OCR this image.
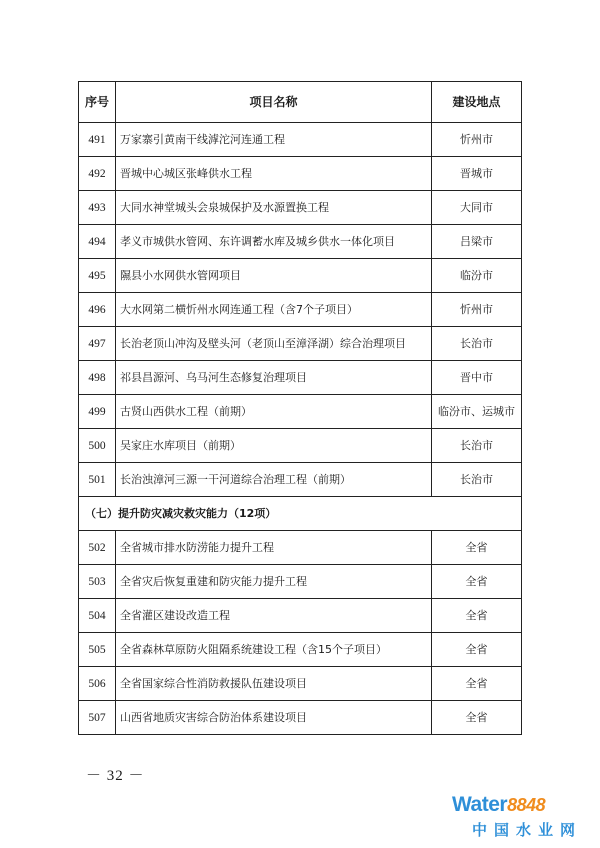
序号	项目名称	建设地点
491	万家寨引黄南干线滹沱河连通工程	忻州市
492	晋城中心城区张峰供水工程	晋城市
493	大同水神堂城头会泉城保护及水源置换工程	大同市
494	孝义市城供水管网、东许调蓄水库及城乡供水一体化项目	吕梁市
495	隰县小水网供水管网项目	临汾市
496	大水网第二横忻州水网连通工程（含7个子项目）	忻州市
497	长治老顶山冲沟及壁头河（老顶山至漳泽湖）综合治理项目	长治市
498	祁县昌源河、乌马河生态修复治理项目	晋中市
499	古贤山西供水工程（前期）	临汾市、运城市
500	吴家庄水库项目（前期）	长治市
501	长治浊漳河三源一干河道综合治理工程（前期）	长治市
（七）提升防灾减灾救灾能力（12项）		
502	全省城市排水防涝能力提升工程	全省
503	全省灾后恢复重建和防灾能力提升工程	全省
504	全省灌区建设改造工程	全省
505	全省森林草原防火阻隔系统建设工程（含15个子项目）	全省
506	全省国家综合性消防救援队伍建设项目	全省
507	山西省地质灾害综合防治体系建设项目	全省
－ 32 －
Water8848
中国水业网
